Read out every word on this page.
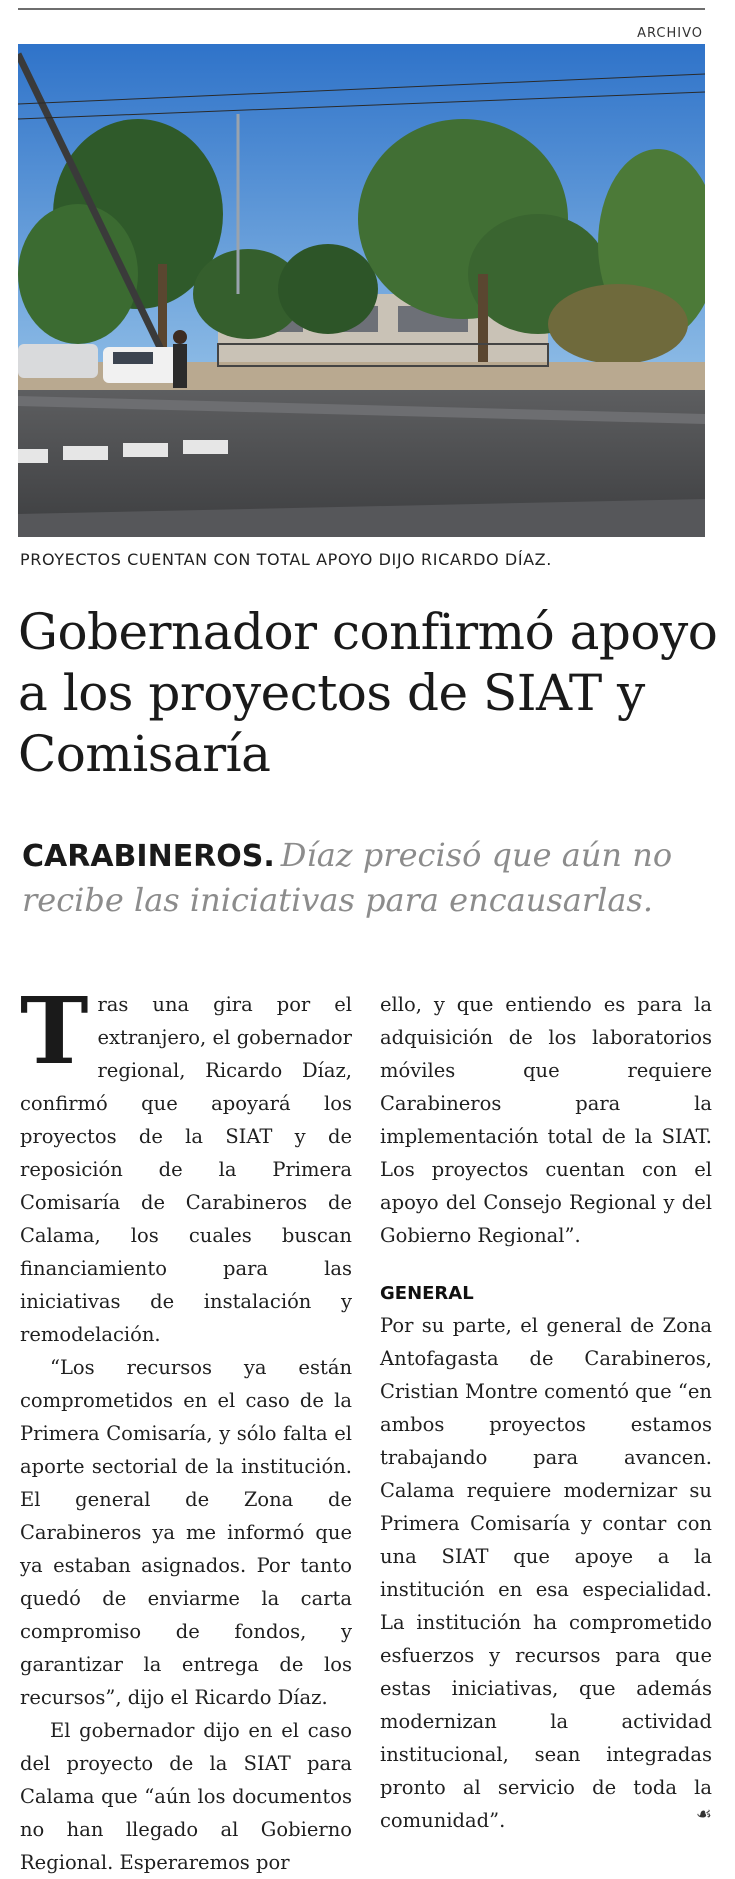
ARCHIVO
PROYECTOS CUENTAN CON TOTAL APOYO DIJO RICARDO DÍAZ.
Gobernador confirmó apoyo a los proyectos de SIAT y Comisaría

CARABINEROS. Díaz precisó que aún no recibe las iniciativas para encausarlas.

Tras una gira por el extranjero, el gobernador regional, Ricardo Díaz, confirmó que apoyará los proyectos de la SIAT y de reposición de la Primera Comisaría de Carabineros de Calama, los cuales buscan financiamiento para las iniciativas de instalación y remodelación.

“Los recursos ya están comprometidos en el caso de la Primera Comisaría, y sólo falta el aporte sectorial de la institución. El general de Zona de Carabineros ya me informó que ya estaban asignados. Por tanto quedó de enviarme la carta compromiso de fondos, y garantizar la entrega de los recursos”, dijo el Ricardo Díaz.

El gobernador dijo en el caso del proyecto de la SIAT para Calama que “aún los documentos no han llegado al Gobierno Regional. Esperaremos por

ello, y que entiendo es para la adquisición de los laboratorios móviles que requiere Carabineros para la implementación total de la SIAT. Los proyectos cuentan con el apoyo del Consejo Regional y del Gobierno Regional”.

GENERAL

Por su parte, el general de Zona Antofagasta de Carabineros, Cristian Montre comentó que “en ambos proyectos estamos trabajando para avancen. Calama requiere modernizar su Primera Comisaría y contar con una SIAT que apoye a la institución en esa especialidad. La institución ha comprometido esfuerzos y recursos para que estas iniciativas, que además modernizan la actividad institucional, sean integradas pronto al servicio de toda la comunidad”.	☙
